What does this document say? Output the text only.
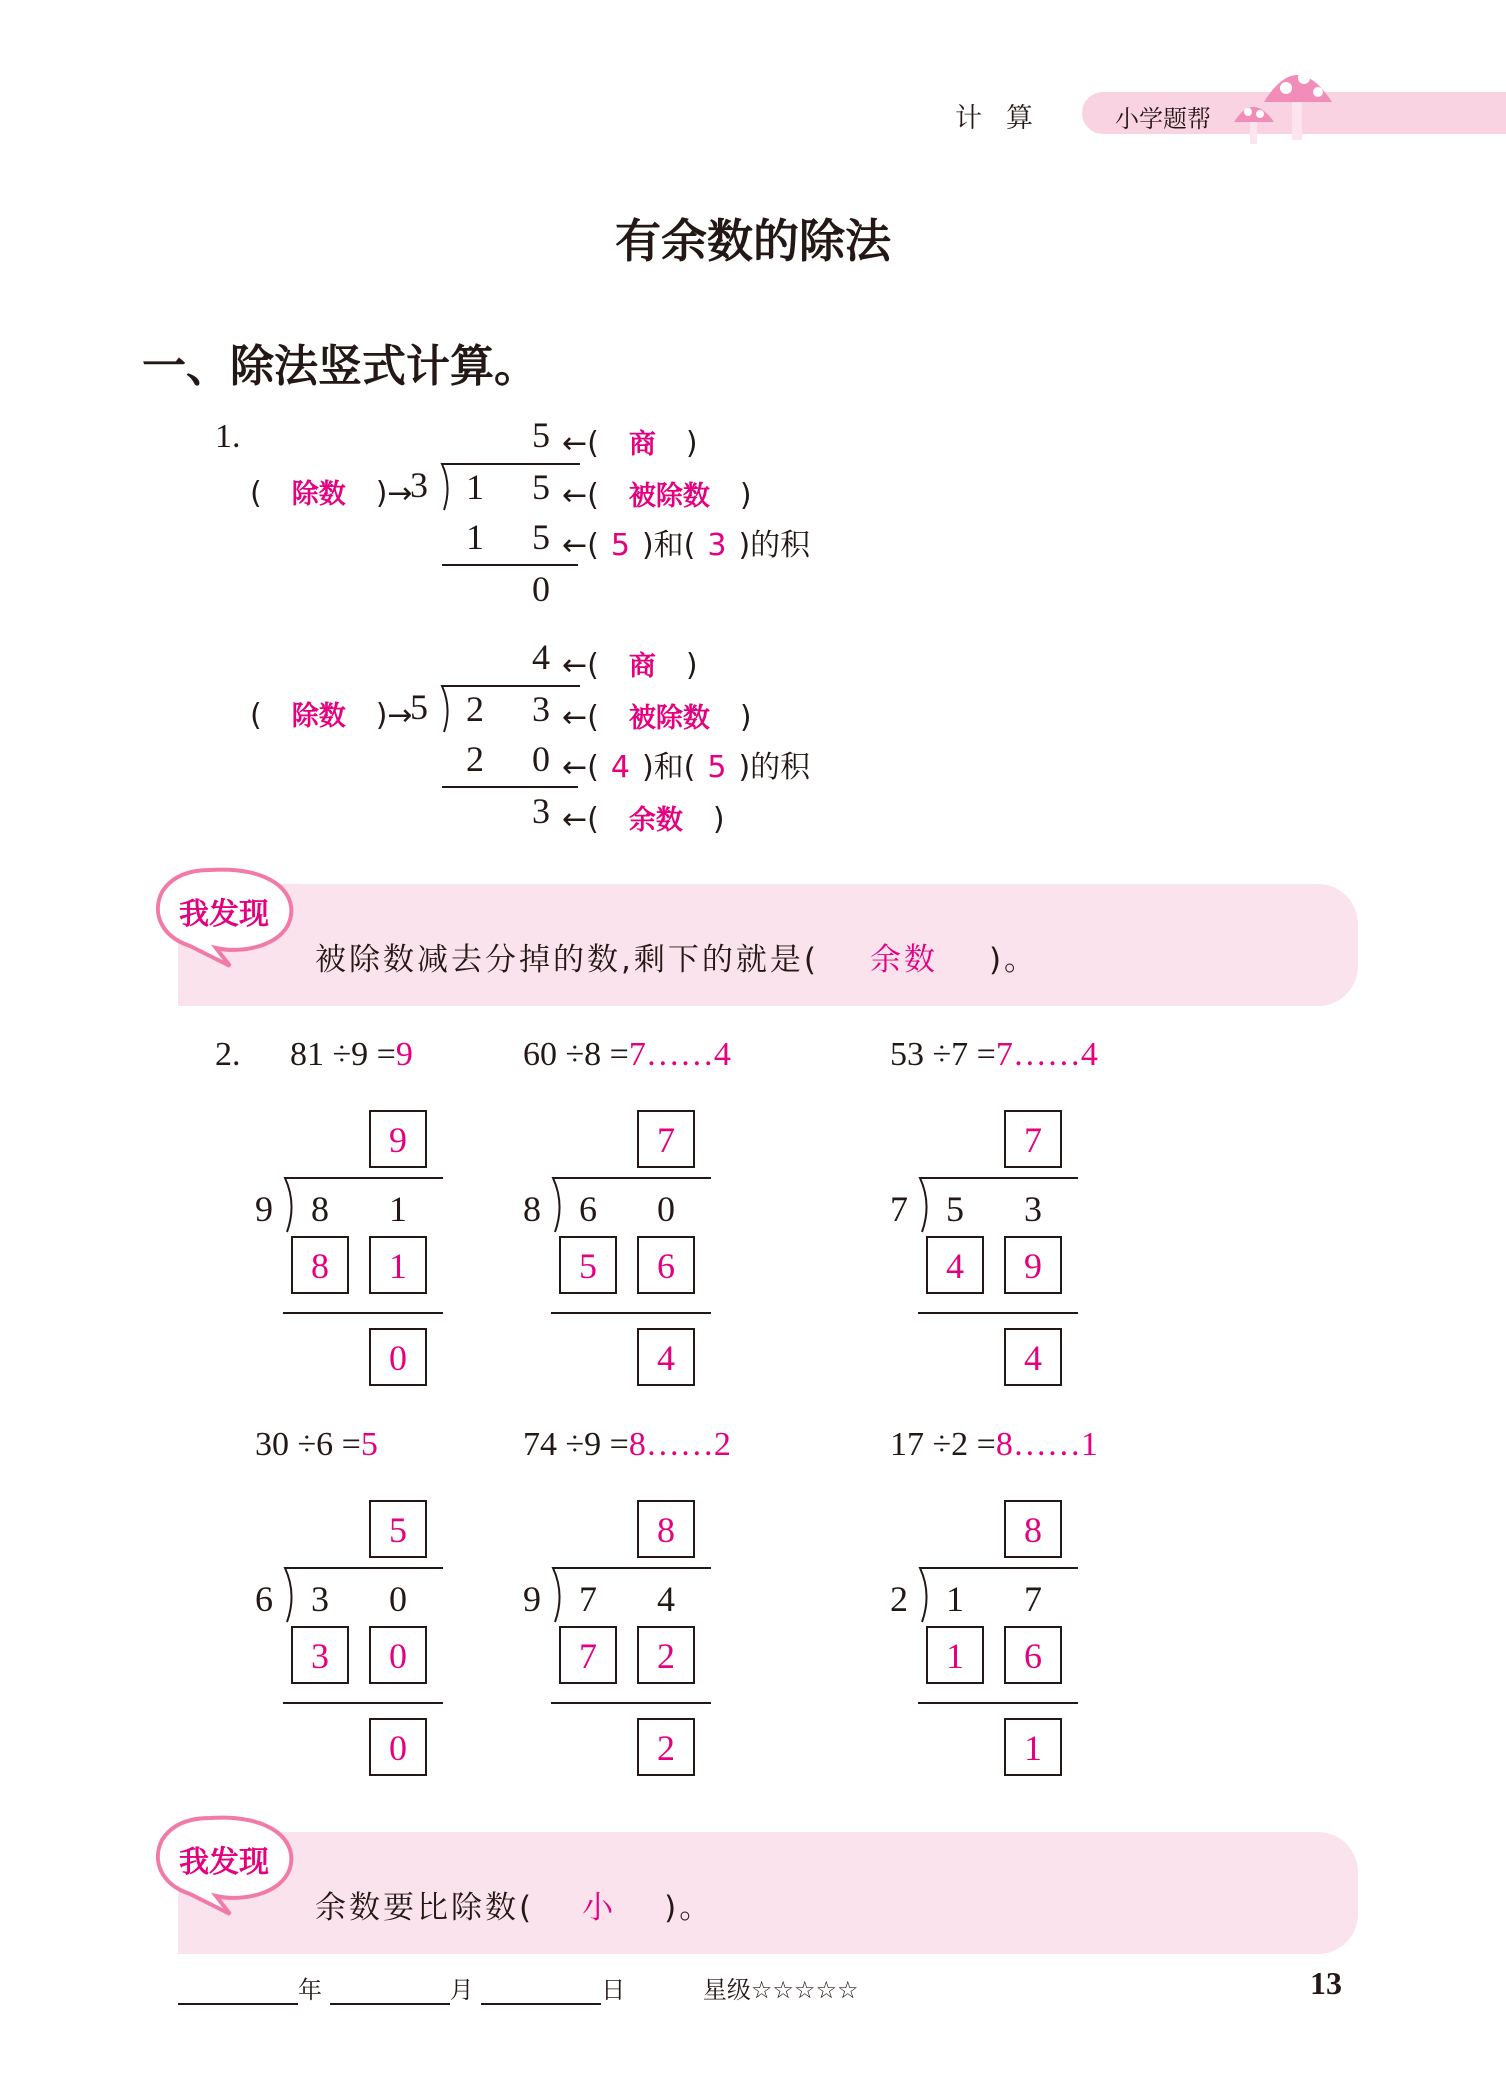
计算 小学题帮
有余数的除法
一、除法竖式计算。
1.	5 ←(　商　)
(　除数　)→
3 1 5 ←(　被除数　)
1 5 ←( 5 )和( 3 )的积
0
4 ←(　商　)
(　除数　)→
5 2 3 ←(　被除数　)
2 0 ←( 4 )和( 5 )的积
3 ←(　余数　)
我发现
被除数减去分掉的数,剩下的就是( 余数 )。
2. 81 ÷9 =9
9
9	8	1
8	1
0
60 ÷8 =7……4
7
8	6	0
5	6
4
53 ÷7 =7……4
7
7	5	3
4	9
4
30 ÷6 =5
5
6	3	0
3	0
0
74 ÷9 =8……2
8
9	7	4
7	2
2
17 ÷2 =8……1
8
2	1	7
1	6
1
我发现
余数要比除数( 小 )。
年	月	日	星级☆☆☆☆☆	13
